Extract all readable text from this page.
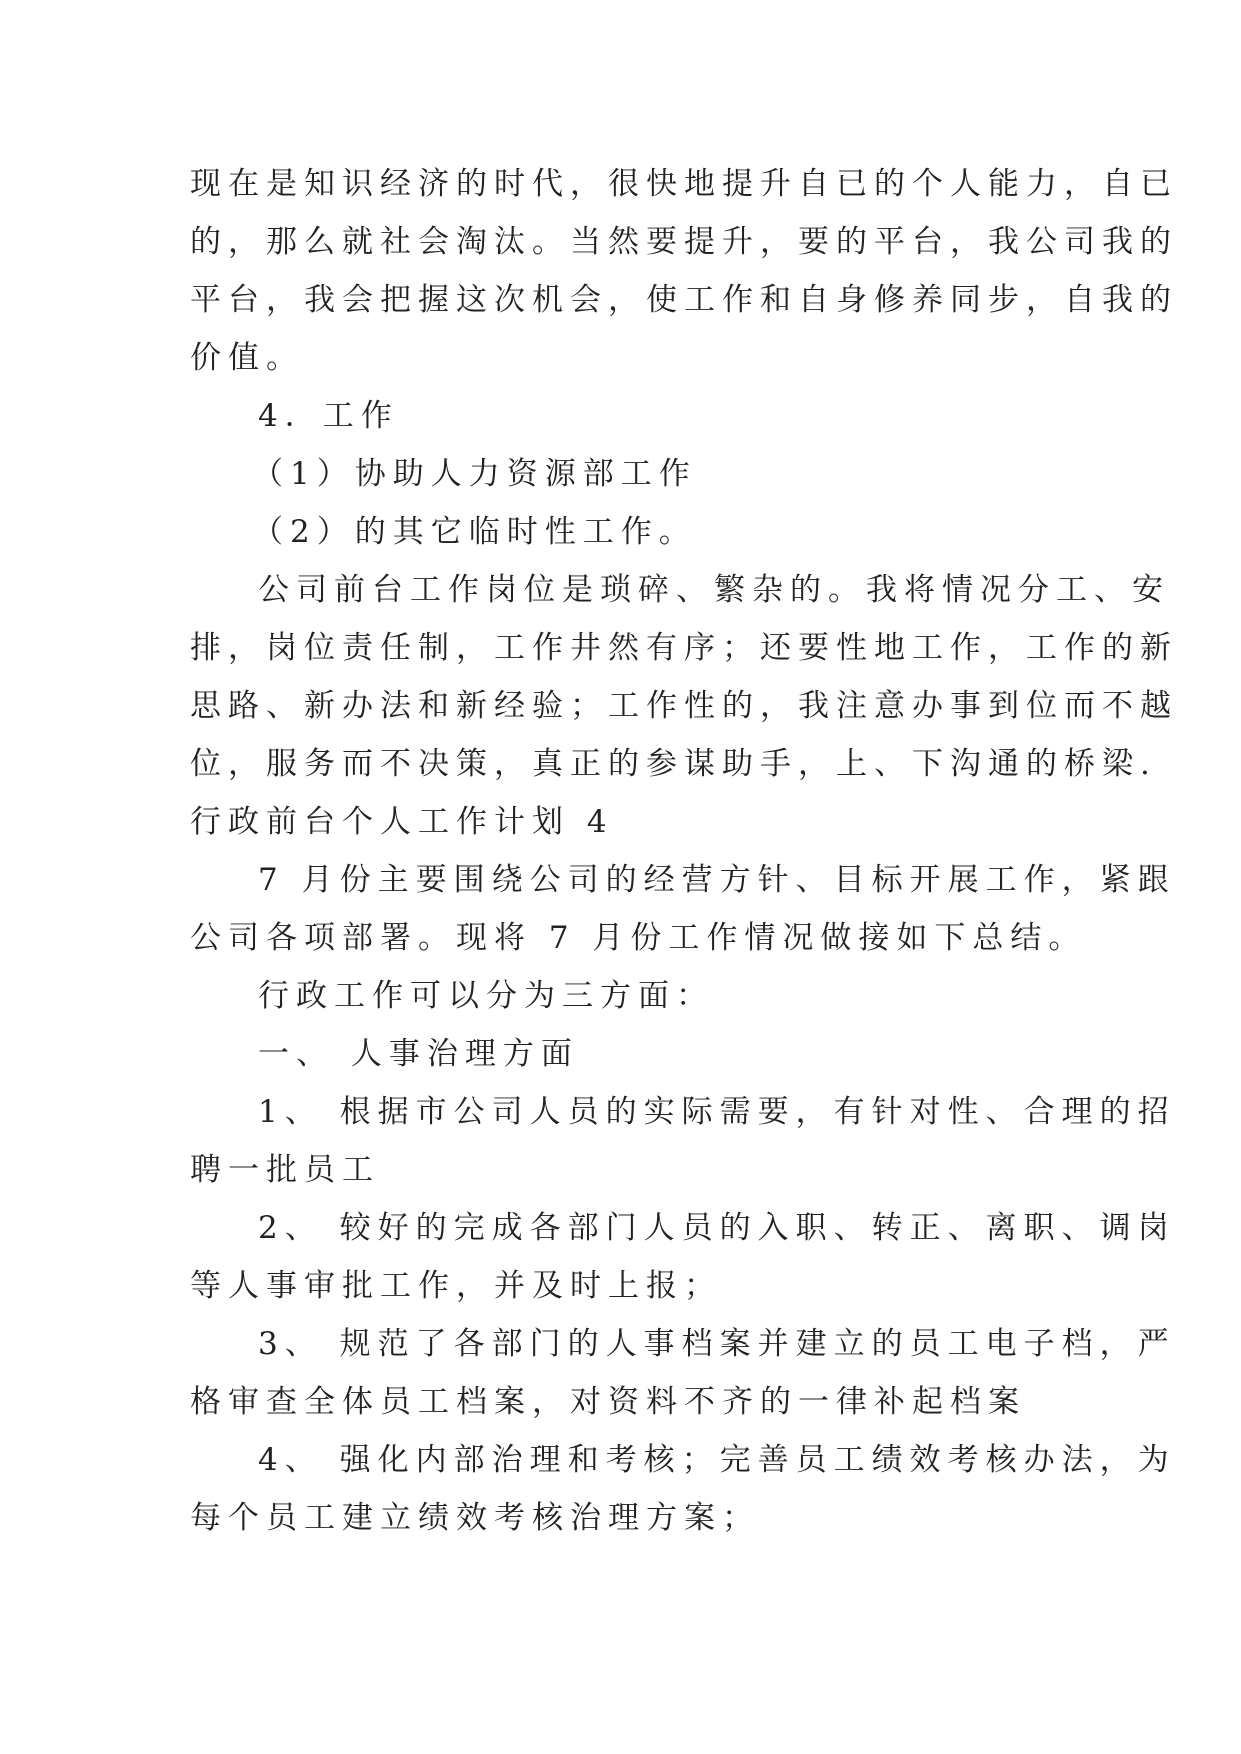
现在是知识经济的时代，很快地提升自已的个人能力，自已
的，那么就社会淘汰。当然要提升，要的平台，我公司我的
平台，我会把握这次机会，使工作和自身修养同步，自我的
价值。
4．工作
（1）协助人力资源部工作
（2）的其它临时性工作。
公司前台工作岗位是琐碎、繁杂的。我将情况分工、安
排，岗位责任制，工作井然有序；还要性地工作，工作的新
思路、新办法和新经验；工作性的，我注意办事到位而不越
位，服务而不决策，真正的参谋助手，上、下沟通的桥梁.
行政前台个人工作计划 4
7 月份主要围绕公司的经营方针、目标开展工作，紧跟
公司各项部署。现将 7 月份工作情况做接如下总结。
行政工作可以分为三方面：
一、 人事治理方面
1、 根据市公司人员的实际需要，有针对性、合理的招
聘一批员工
2、 较好的完成各部门人员的入职、转正、离职、调岗
等人事审批工作，并及时上报；
3、 规范了各部门的人事档案并建立的员工电子档，严
格审查全体员工档案，对资料不齐的一律补起档案
4、 强化内部治理和考核；完善员工绩效考核办法，为
每个员工建立绩效考核治理方案；
